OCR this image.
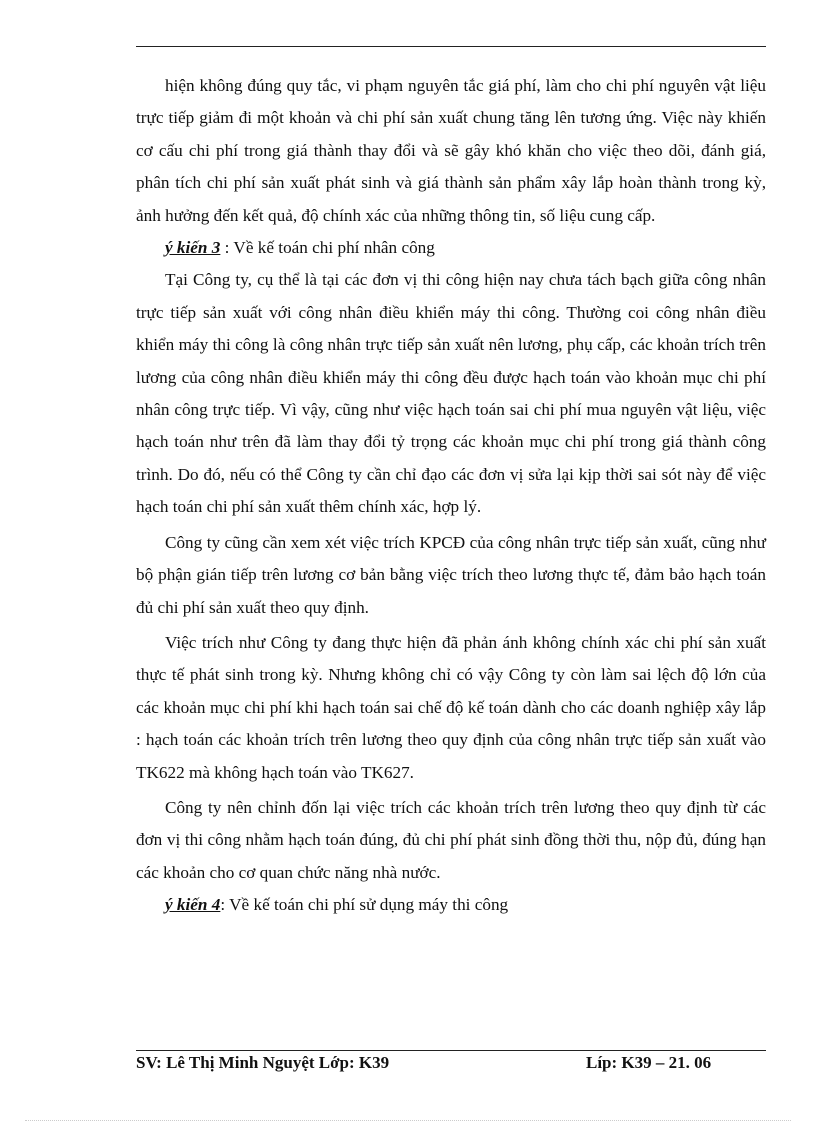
hiện không đúng quy tắc, vi phạm nguyên tắc giá phí, làm cho chi phí nguyên vật liệu trực tiếp giảm đi một khoản và chi phí sản xuất chung tăng lên tương ứng. Việc này khiến cơ cấu chi phí trong giá thành thay đổi và sẽ gây khó khăn cho việc theo dõi, đánh giá, phân tích chi phí sản xuất phát sinh và giá thành sản phẩm xây lắp hoàn thành trong kỳ, ảnh hưởng đến kết quả, độ chính xác của những thông tin, số liệu cung cấp.

ý kiến 3 : Về kế toán chi phí nhân công

Tại Công ty, cụ thể là tại các đơn vị thi công hiện nay chưa tách bạch giữa công nhân trực tiếp sản xuất với công nhân điều khiển máy thi công. Thường coi công nhân điều khiển máy thi công là công nhân trực tiếp sản xuất nên lương, phụ cấp, các khoản trích trên lương của công nhân điều khiển máy thi công đều được hạch toán vào khoản mục chi phí nhân công trực tiếp. Vì vậy, cũng như việc hạch toán sai chi phí mua nguyên vật liệu, việc hạch toán như trên đã làm thay đổi tỷ trọng các khoản mục chi phí trong giá thành công trình. Do đó, nếu có thể Công ty cần chỉ đạo các đơn vị sửa lại kịp thời sai sót này để việc hạch toán chi phí sản xuất thêm chính xác, hợp lý.

Công ty cũng cần xem xét việc trích KPCĐ của công nhân trực tiếp sản xuất, cũng như bộ phận gián tiếp trên lương cơ bản bằng việc trích theo lương thực tế, đảm bảo hạch toán đủ chi phí sản xuất theo quy định.

Việc trích như Công ty đang thực hiện đã phản ánh không chính xác chi phí sản xuất thực tế phát sinh trong kỳ. Nhưng không chỉ có vậy Công ty còn làm sai lệch độ lớn của các khoản mục chi phí khi hạch toán sai chế độ kế toán dành cho các doanh nghiệp xây lắp : hạch toán các khoản trích trên lương theo quy định của công nhân trực tiếp sản xuất vào TK622 mà không hạch toán vào TK627.

Công ty nên chỉnh đốn lại việc trích các khoản trích trên lương theo quy định từ các đơn vị thi công nhằm hạch toán đúng, đủ chi phí phát sinh đồng thời thu, nộp đủ, đúng hạn các khoản cho cơ quan chức năng nhà nước.

ý kiến 4: Về kế toán chi phí sử dụng máy thi công

SV: Lê Thị Minh Nguyệt Lớp: K39	Líp: K39 – 21. 06
